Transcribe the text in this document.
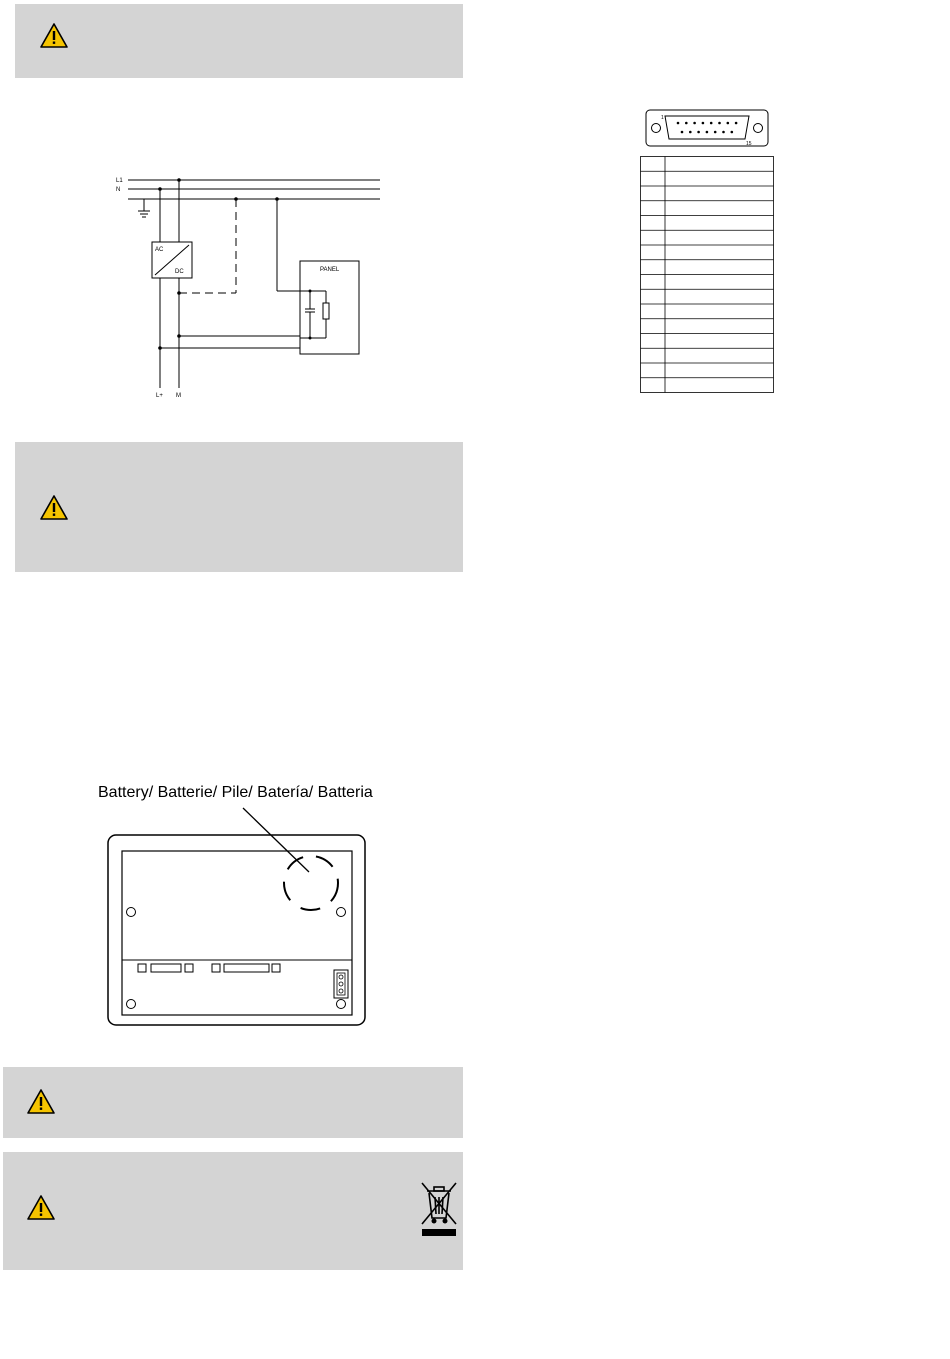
L1
N
AC
DC	PANEL
L+ M
1
15
Battery/ Batterie/ Pile/ Batería/ Batteria
